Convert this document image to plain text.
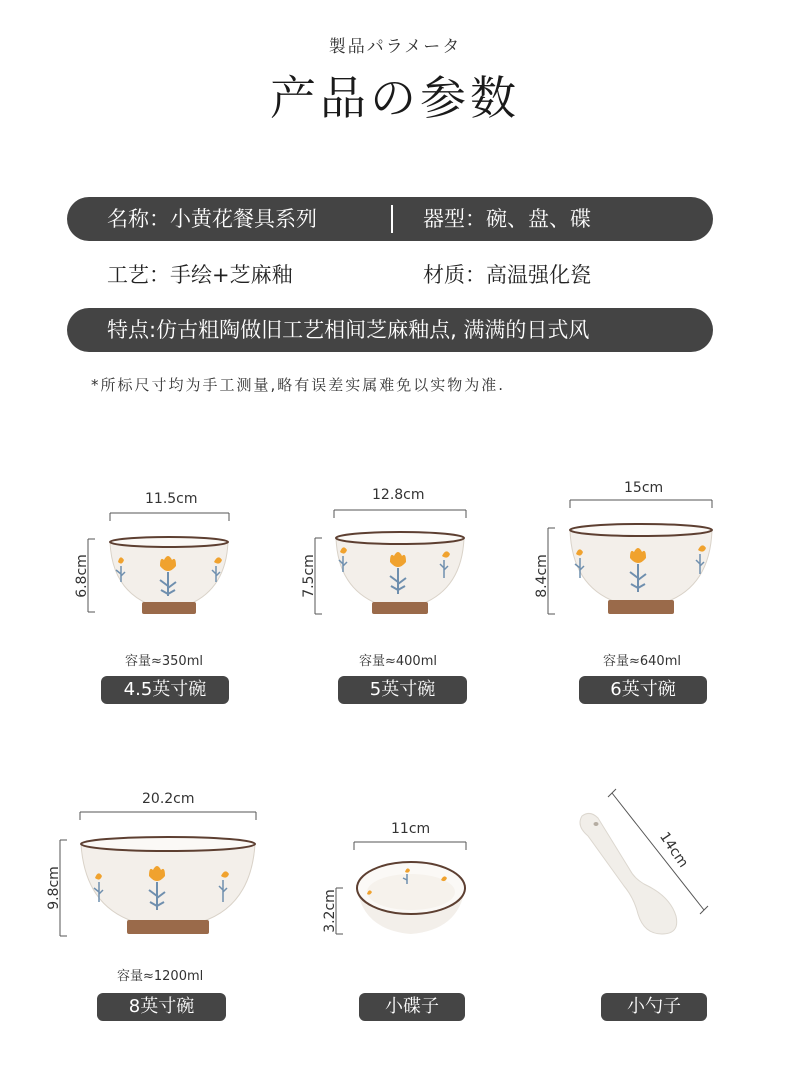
製品パラメータ
产品の参数
名称：小黄花餐具系列	器型：碗、盘、碟
工艺：手绘+芝麻釉	材质：高温强化瓷
特点:仿古粗陶做旧工艺相间芝麻釉点, 满满的日式风
*所标尺寸均为手工测量,略有误差实属难免以实物为准.
11.5cm
6.8cm	7.5cm	8.4cm
9.8cm
3.2cm
14cm
12.8cm	15cm
20.2cm
11cm
容量≈350ml	容量≈400ml	容量≈640ml
容量≈1200ml
4.5英寸碗	5英寸碗	6英寸碗
8英寸碗	小碟子	小勺子
